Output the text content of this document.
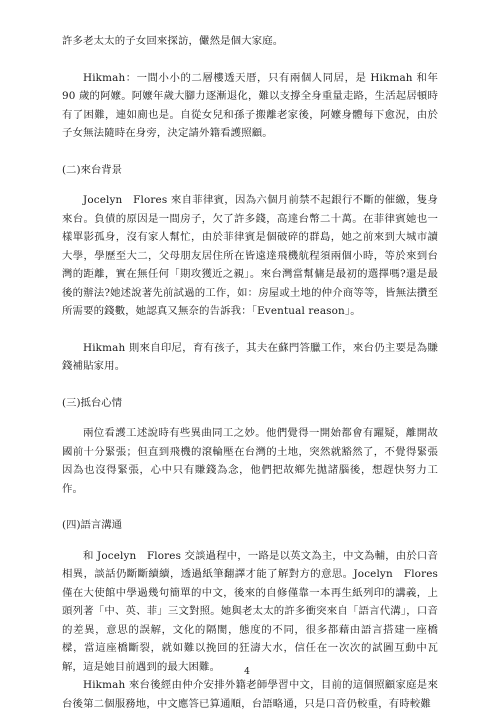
許多老太太的子女回來探訪，儼然是個大家庭。

Hikmah：一間小小的二層樓透天厝，只有兩個人同居，是 Hikmah 和年 90 歲的阿嬤。阿嬤年歲大腳力逐漸退化，難以支撐全身重量走路，生活起居頓時有了困難，連如廁也是。自從女兒和孫子搬離老家後，阿嬤身體每下愈況，由於子女無法隨時在身旁，決定請外籍看護照顧。

(二)來台背景

Jocelyn　Flores 來自菲律賓，因為六個月前禁不起銀行不斷的催繳，隻身來台。負債的原因是一間房子，欠了許多錢，高達台幣二十萬。在菲律賓她也一樣單影孤身，沒有家人幫忙，由於菲律賓是個破碎的群島，她之前來到大城市讀大學，學歷至大二，父母朋友居住所在皆遠達飛機航程須兩個小時，等於來到台灣的距離，實在無任何「期攻獲近之親」。來台灣當幫傭是最初的選擇嗎?還是最後的辦法?她述說著先前試過的工作，如：房屋或土地的仲介商等等，皆無法攢至所需要的錢數，她認真又無奈的告訴我：「Eventual reason」。

Hikmah 則來自印尼，育有孩子，其夫在蘇門答臘工作，來台仍主要是為賺錢補貼家用。

(三)抵台心情

兩位看護工述說時有些異曲同工之妙。他們覺得一開始都會有躍疑，離開故國前十分緊張；但直到飛機的滾輪壓在台灣的土地，突然就豁然了，不覺得緊張因為也沒得緊張，心中只有賺錢為念，他們把故鄉先拋諸腦後，想趕快努力工作。

(四)語言溝通

和 Jocelyn　Flores 交談過程中，一路是以英文為主，中文為輔，由於口音相異，談話仍斷斷續續，透過紙筆翻譯才能了解對方的意思。Jocelyn　Flores 僅在大使館中學過幾句簡單的中文，後來的自修僅靠一本再生紙列印的講義，上頭列著「中、英、菲」三文對照。她與老太太的許多衝突來自「語言代溝」，口音的差異，意思的誤解，文化的隔閡，態度的不同，很多都藉由語言搭建一座橋樑，當這座橋斷裂，就如難以挽回的狂濤大水，信任在一次次的試圖互動中瓦解，這是她目前遇到的最大困難。

Hikmah 來台後經由仲介安排外籍老師學習中文，目前的這個照顧家庭是來台後第二個服務地，中文應答已算通順，台語略通，只是口音仍較重，有時較難

4
